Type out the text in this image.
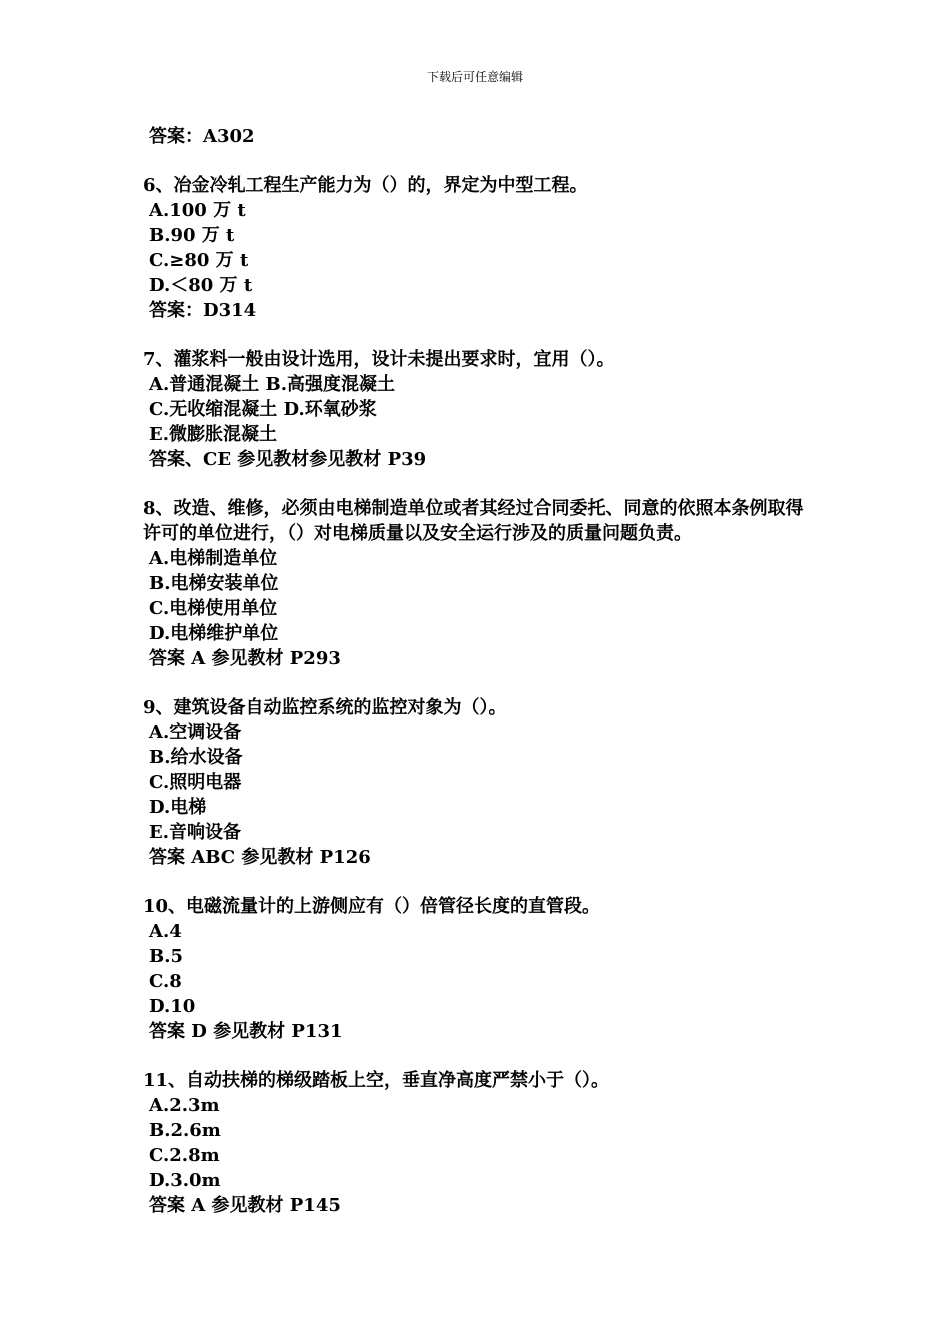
下载后可任意编辑
答案：A302
6、冶金冷轧工程生产能力为（）的，界定为中型工程。
A.100 万 t
B.90 万 t
C.≥80 万 t
D.＜80 万 t
答案：D314
7、灌浆料一般由设计选用，设计未提出要求时，宜用（）。
A.普通混凝土 B.高强度混凝土
C.无收缩混凝土 D.环氧砂浆
E.微膨胀混凝土
答案、CE 参见教材参见教材 P39
8、改造、维修，必须由电梯制造单位或者其经过合同委托、同意的依照本条例取得许可的单位进行，（）对电梯质量以及安全运行涉及的质量问题负责。
A.电梯制造单位
B.电梯安装单位
C.电梯使用单位
D.电梯维护单位
答案 A 参见教材 P293
9、建筑设备自动监控系统的监控对象为（）。
A.空调设备
B.给水设备
C.照明电器
D.电梯
E.音响设备
答案 ABC 参见教材 P126
10、电磁流量计的上游侧应有（）倍管径长度的直管段。
A.4
B.5
C.8
D.10
答案 D 参见教材 P131
11、自动扶梯的梯级踏板上空，垂直净高度严禁小于（）。
A.2.3m
B.2.6m
C.2.8m
D.3.0m
答案 A 参见教材 P145
